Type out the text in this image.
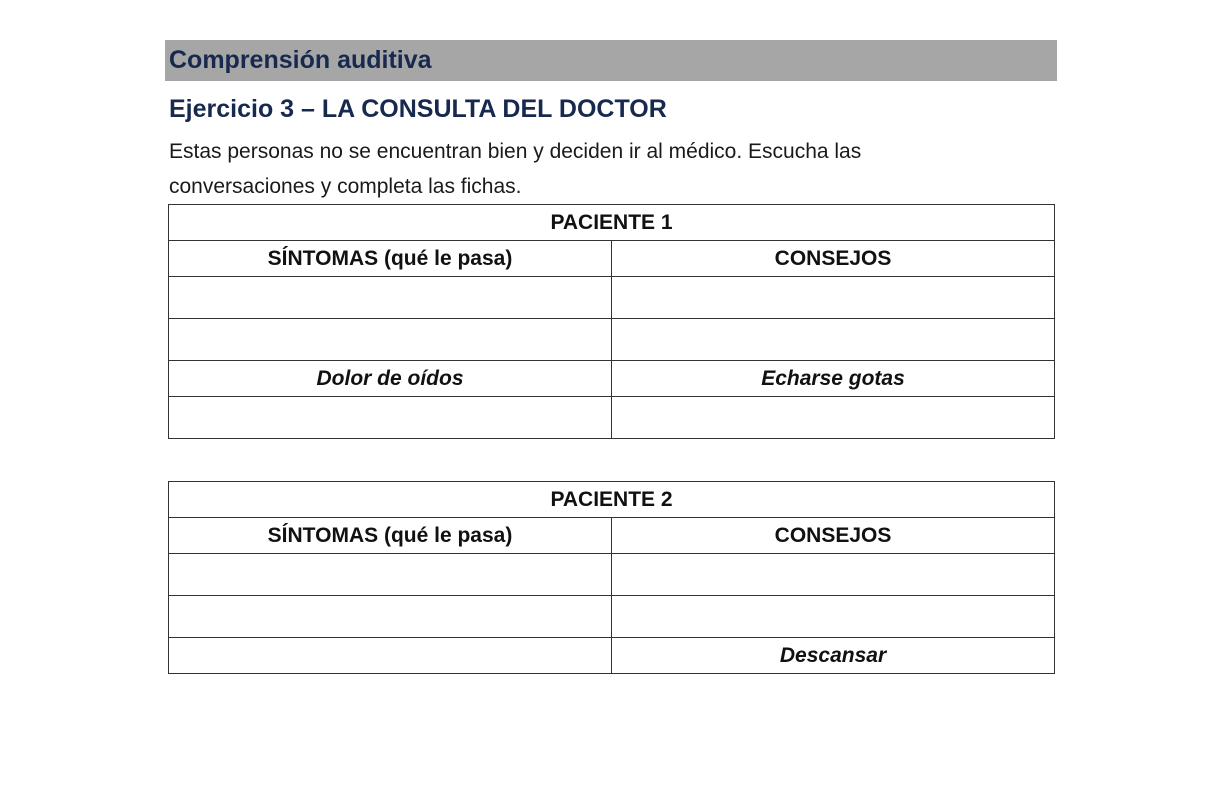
Comprensión auditiva
Ejercicio 3 – LA CONSULTA DEL DOCTOR

Estas personas no se encuentran bien y deciden ir al médico. Escucha las conversaciones y completa las fichas.

PACIENTE 1	
SÍNTOMAS (qué le pasa)	CONSEJOS

Dolor de oídos	Echarse gotas

PACIENTE 2	
SÍNTOMAS (qué le pasa)	CONSEJOS

	Descansar
